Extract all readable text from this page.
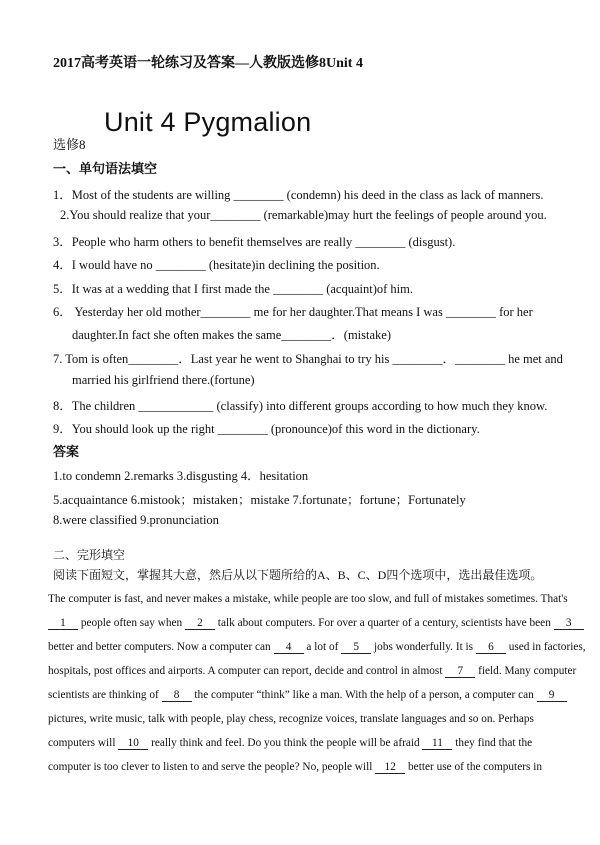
2017高考英语一轮练习及答案—人教版选修8Unit 4
Unit 4 Pygmalion
选修8
一、单句语法填空
1．Most of the students are willing ________ (condemn) his deed in the class as lack of manners.
2.You should realize that your________ (remarkable)may hurt the feelings of people around you.
3．People who harm others to benefit themselves are really ________ (disgust).
4．I would have no ________ (hesitate)in declining the position.
5．It was at a wedding that I first made the ________ (acquaint)of him.
6． Yesterday her old mother________ me for her daughter.That means I was ________ for her
daughter.In fact she often makes the same________．(mistake)
7. Tom is often________．Last year he went to Shanghai to try his ________．________ he met and
married his girlfriend there.(fortune)
8．The children ____________ (classify) into different groups according to how much they know.
9．You should look up the right ________ (pronounce)of this word in the dictionary.
答案
1.to condemn 2.remarks 3.disgusting 4．hesitation
5.acquaintance 6.mistook；mistaken；mistake 7.fortunate；fortune；Fortunately
8.were classified 9.pronunciation
二、完形填空
阅读下面短文，掌握其大意，然后从以下题所给的A、B、C、D四个选项中，选出最佳选项。
The computer is fast, and never makes a mistake, while people are too slow, and full of mistakes sometimes. That's
1 people often say when 2 talk about computers. For over a quarter of a century, scientists have been 3
better and better computers. Now a computer can 4 a lot of 5 jobs wonderfully. It is 6 used in factories,
hospitals, post offices and airports. A computer can report, decide and control in almost 7 field. Many computer
scientists are thinking of 8 the computer “think” like a man. With the help of a person, a computer can 9
pictures, write music, talk with people, play chess, recognize voices, translate languages and so on. Perhaps
computers will 10 really think and feel. Do you think the people will be afraid 11 they find that the
computer is too clever to listen to and serve the people? No, people will 12 better use of the computers in
